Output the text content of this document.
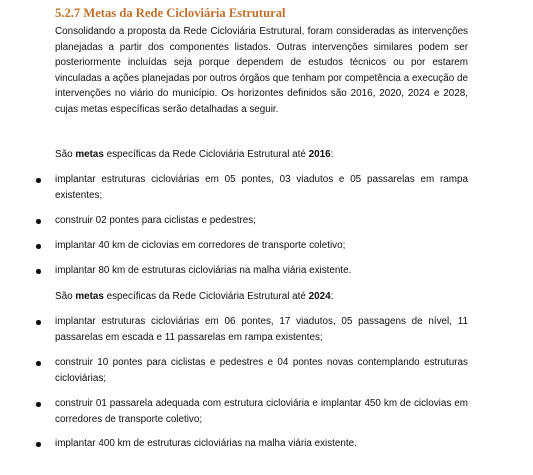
5.2.7 Metas da Rede Cicloviária Estrutural

Consolidando a proposta da Rede Cicloviária Estrutural, foram consideradas as intervenções planejadas a partir dos componentes listados. Outras intervenções similares podem ser posteriormente incluídas seja porque dependem de estudos técnicos ou por estarem vinculadas a ações planejadas por outros órgãos que tenham por competência a execução de intervenções no viário do município. Os horizontes definidos são 2016, 2020, 2024 e 2028, cujas metas específicas serão detalhadas a seguir.

São metas específicas da Rede Cicloviária Estrutural até 2016:
implantar estruturas cicloviárias em 05 pontes, 03 viadutos e 05 passarelas em rampa existentes;
construir 02 pontes para ciclistas e pedestres;
implantar 40 km de ciclovias em corredores de transporte coletivo;
implantar 80 km de estruturas cicloviárias na malha viária existente.
São metas específicas da Rede Cicloviária Estrutural até 2024:
implantar estruturas cicloviárias em 06 pontes, 17 viadutos, 05 passagens de nível, 11 passarelas em escada e 11 passarelas em rampa existentes;
construir 10 pontes para ciclistas e pedestres e 04 pontes novas contemplando estruturas cicloviárias;
construir 01 passarela adequada com estrutura cicloviária e implantar 450 km de ciclovias em corredores de transporte coletivo;
implantar 400 km de estruturas cicloviárias na malha viária existente.
